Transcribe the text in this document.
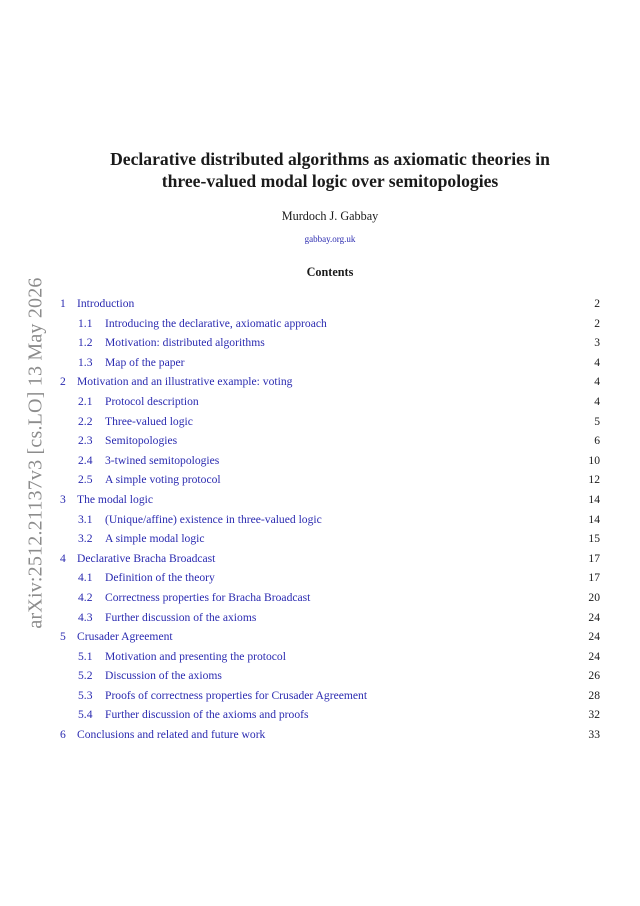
arXiv:2512.21137v3 [cs.LO] 13 May 2026
Declarative distributed algorithms as axiomatic theories in
three-valued modal logic over semitopologies

Murdoch J. Gabbay

gabbay.org.uk

Contents
1 Introduction	2
1.1 Introducing the declarative, axiomatic approach	2
1.2 Motivation: distributed algorithms	3
1.3 Map of the paper	4
2 Motivation and an illustrative example: voting	4
2.1 Protocol description	4
2.2 Three-valued logic	5
2.3 Semitopologies	6
2.4 3-twined semitopologies	10
2.5 A simple voting protocol	12
3 The modal logic	14
3.1 (Unique/affine) existence in three-valued logic	14
3.2 A simple modal logic	15
4 Declarative Bracha Broadcast	17
4.1 Definition of the theory	17
4.2 Correctness properties for Bracha Broadcast	20
4.3 Further discussion of the axioms	24
5 Crusader Agreement	24
5.1 Motivation and presenting the protocol	24
5.2 Discussion of the axioms	26
5.3 Proofs of correctness properties for Crusader Agreement	28
5.4 Further discussion of the axioms and proofs	32
6 Conclusions and related and future work	33
